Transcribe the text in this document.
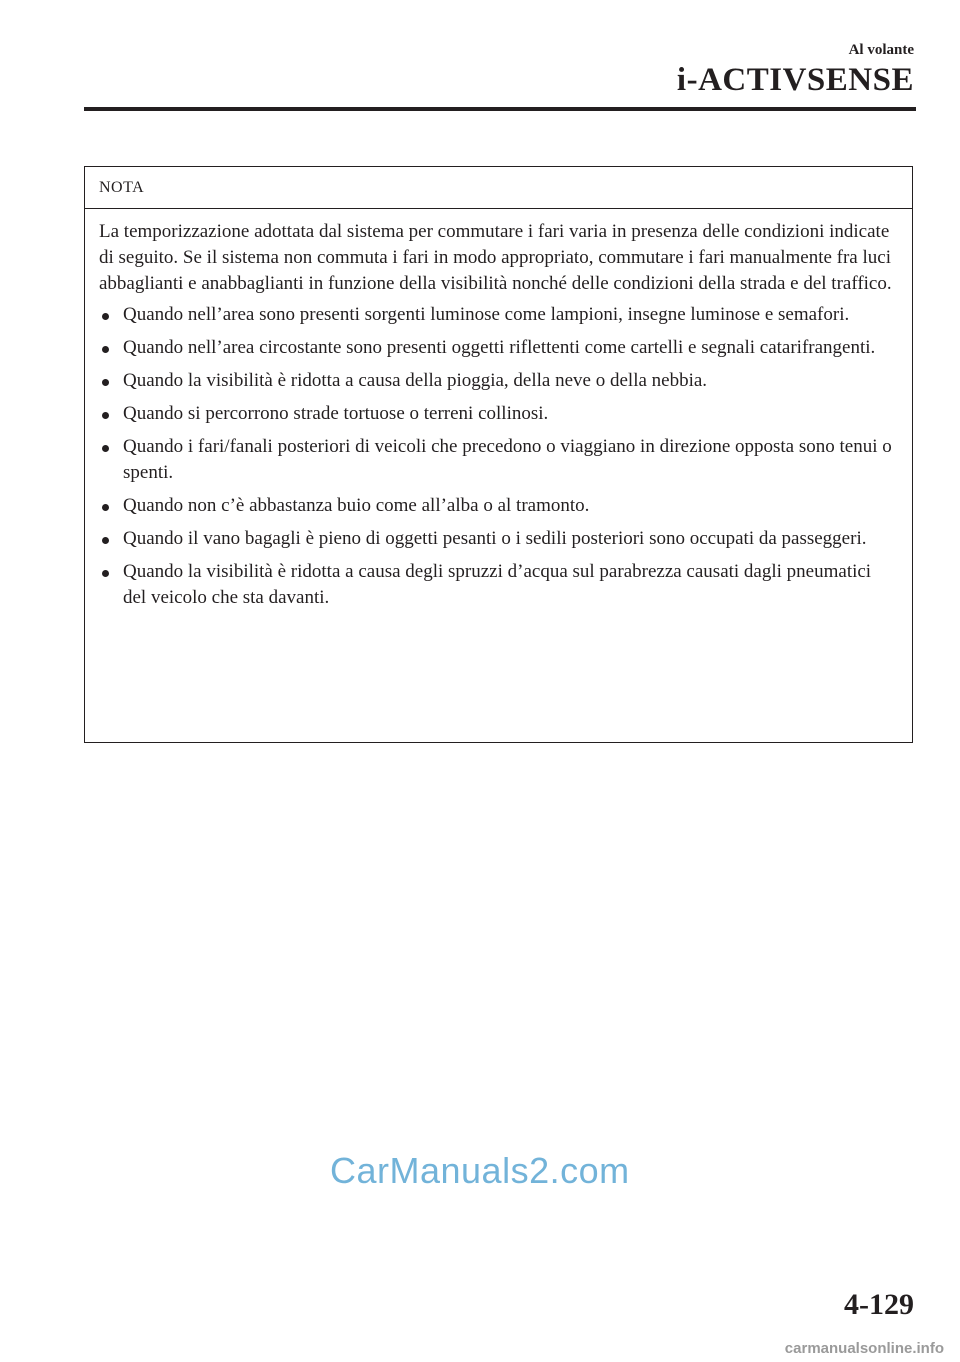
Al volante
i-ACTIVSENSE
NOTA

La temporizzazione adottata dal sistema per commutare i fari varia in presenza delle condizioni indicate di seguito. Se il sistema non commuta i fari in modo appropriato, commutare i fari manualmente fra luci abbaglianti e anabbaglianti in funzione della visibilità nonché delle condizioni della strada e del traffico.

Quando nell’area sono presenti sorgenti luminose come lampioni, insegne luminose e semafori.
Quando nell’area circostante sono presenti oggetti riflettenti come cartelli e segnali catarifrangenti.
Quando la visibilità è ridotta a causa della pioggia, della neve o della nebbia.
Quando si percorrono strade tortuose o terreni collinosi.
Quando i fari/fanali posteriori di veicoli che precedono o viaggiano in direzione opposta sono tenui o spenti.
Quando non c’è abbastanza buio come all’alba o al tramonto.
Quando il vano bagagli è pieno di oggetti pesanti o i sedili posteriori sono occupati da passeggeri.
Quando la visibilità è ridotta a causa degli spruzzi d’acqua sul parabrezza causati dagli pneumatici del veicolo che sta davanti.
CarManuals2.com
4-129
carmanualsonline.info
